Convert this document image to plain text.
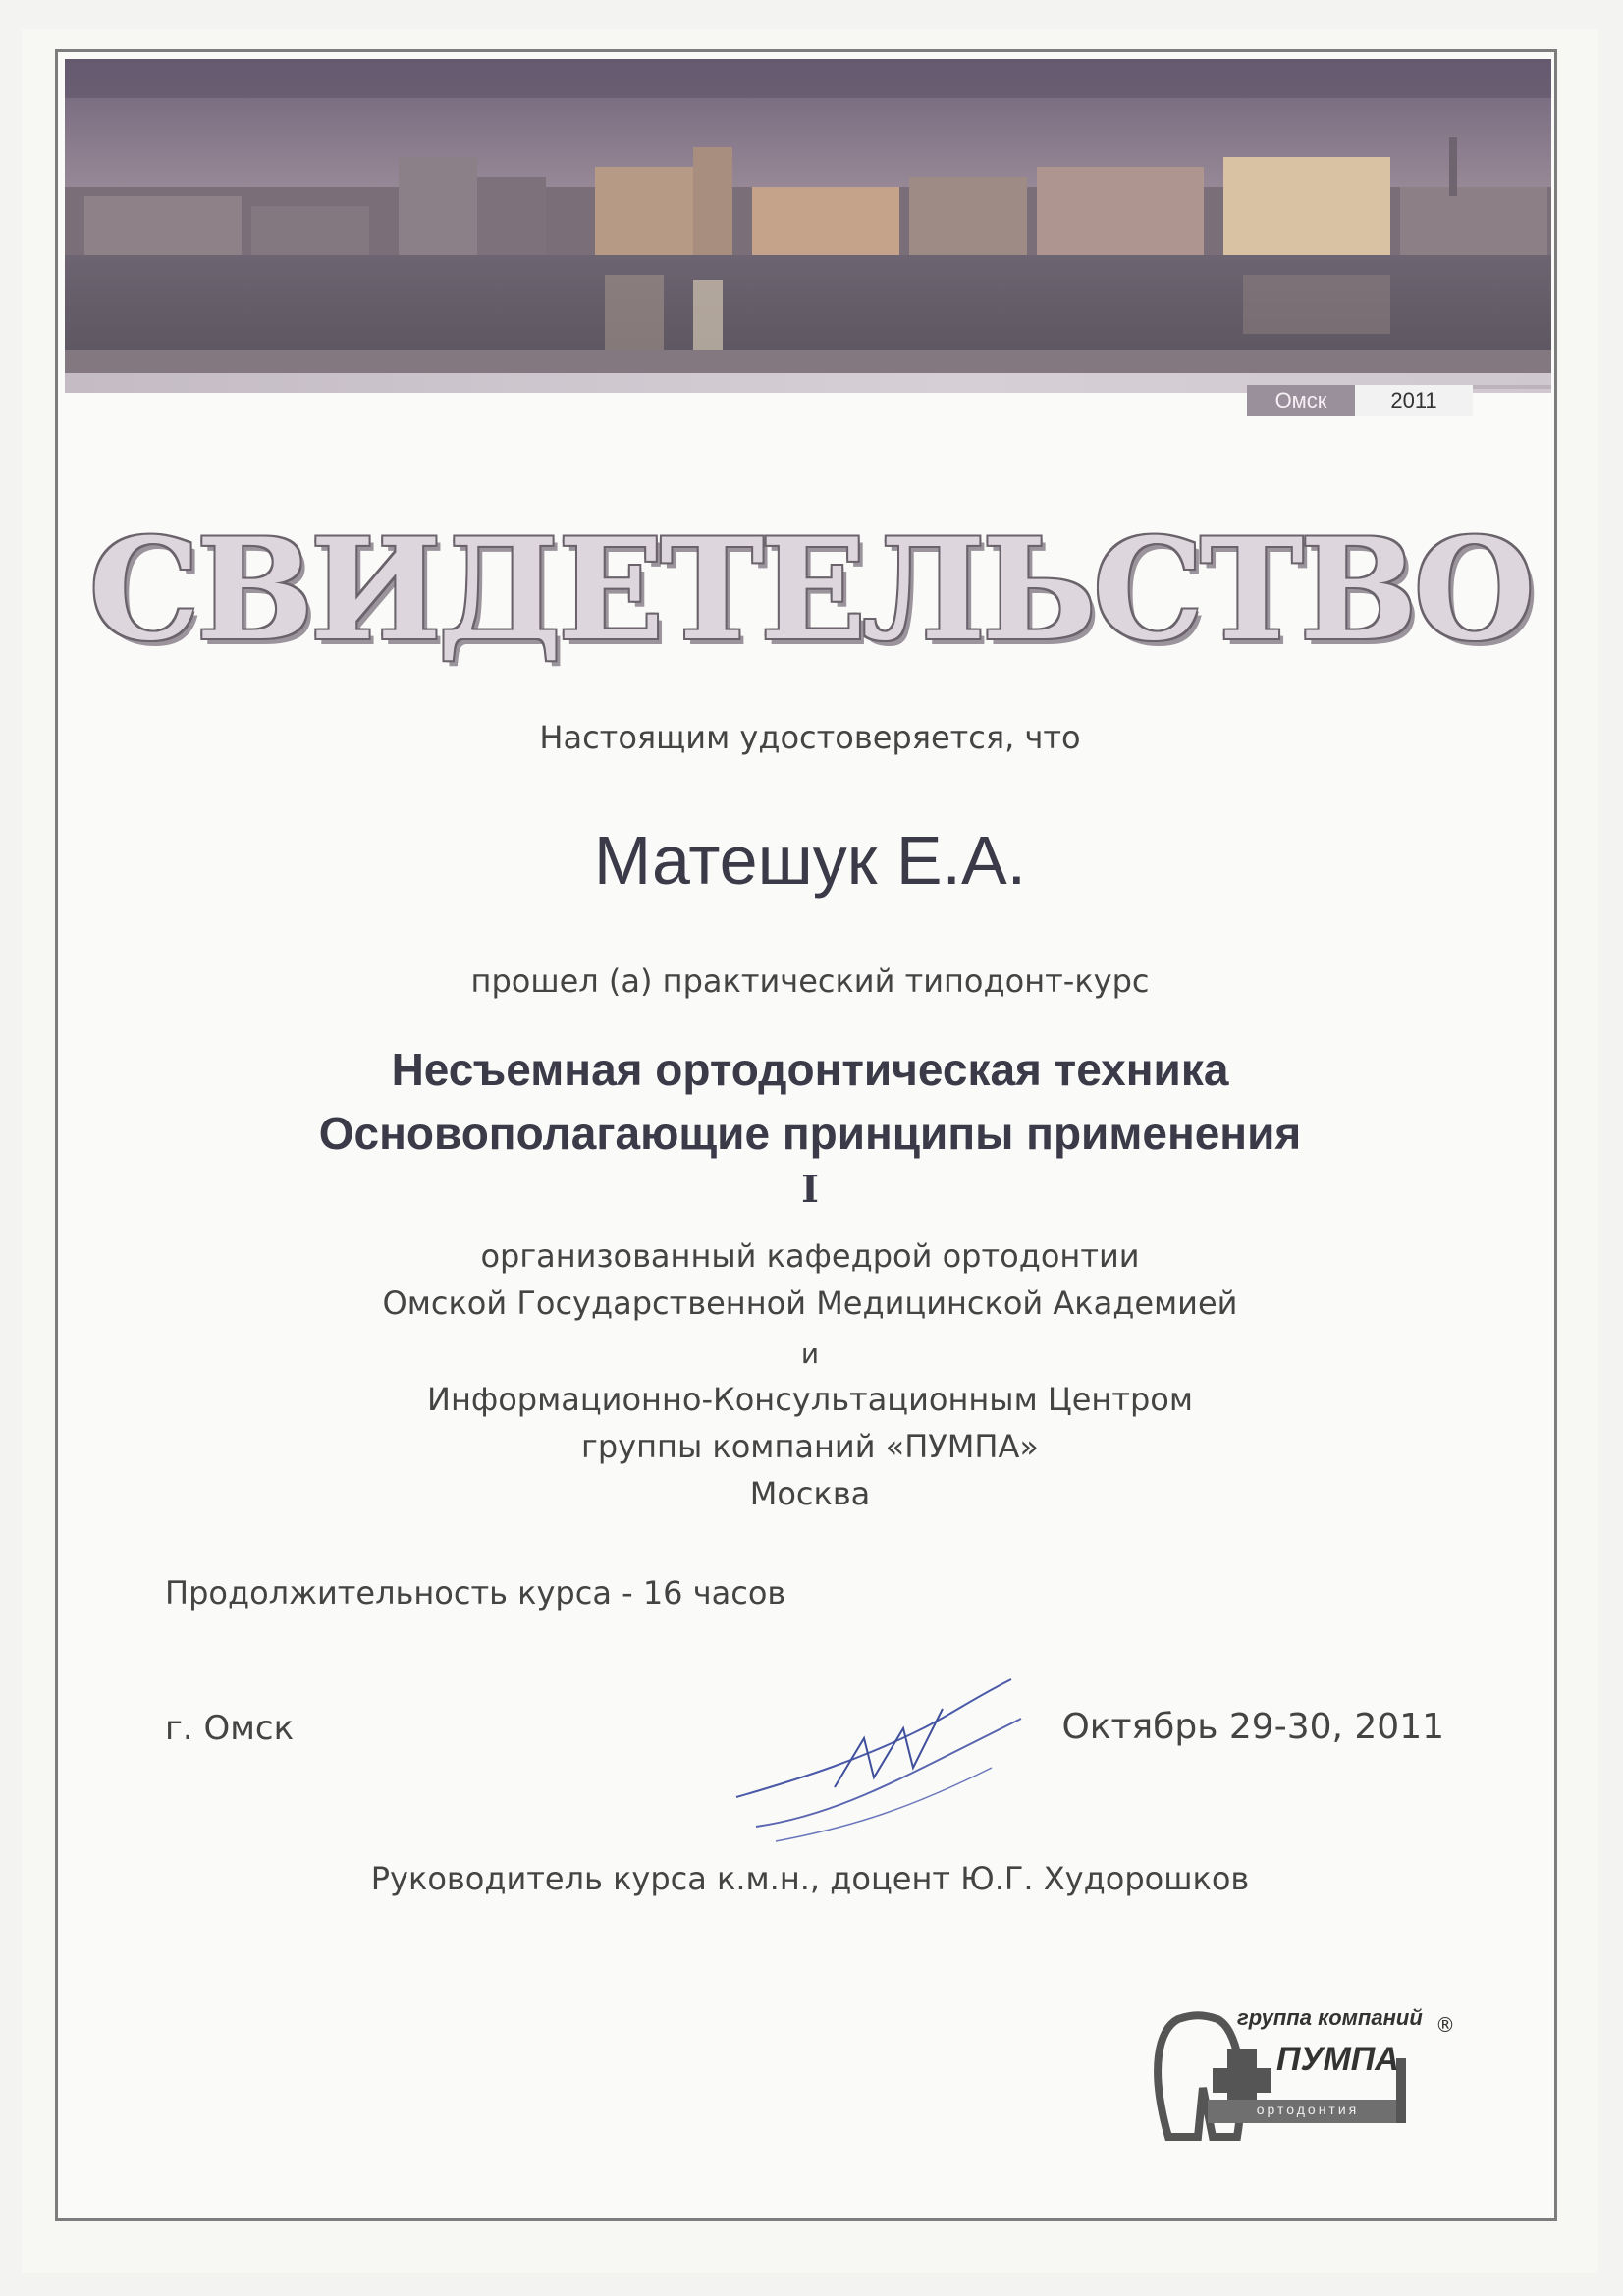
Омск	2011
СВИДЕТЕЛЬСТВО
Настоящим удостоверяется, что
Матешук Е.А.
прошел (а) практический типодонт-курс
Несъемная ортодонтическая техника
Основополагающие принципы применения
I
организованный кафедрой ортодонтии
Омской Государственной Медицинской Академией
и
Информационно-Консультационным Центром
группы компаний «ПУМПА»
Москва
Продолжительность курса - 16 часов
г. Омск	Октябрь 29-30, 2011
Руководитель курса к.м.н., доцент Ю.Г. Худорошков
группа компаний ®
ПУМПА
ортодонтия
